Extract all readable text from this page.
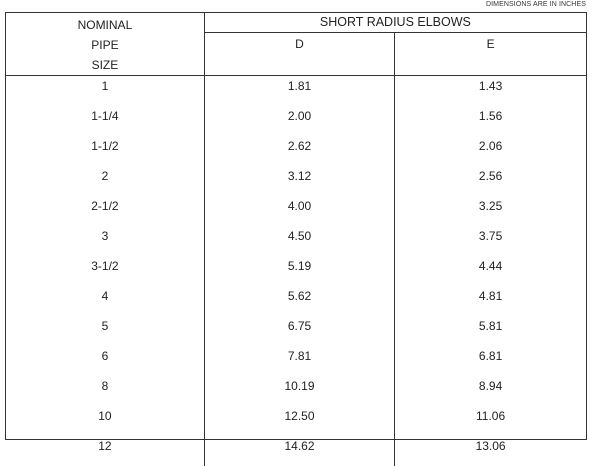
DIMENSIONS ARE IN INCHES
NOMINAL
PIPE
SIZE	SHORT RADIUS ELBOWS	
	D	E
1	1.81	1.43
1-1/4	2.00	1.56
1-1/2	2.62	2.06
2	3.12	2.56
2-1/2	4.00	3.25
3	4.50	3.75
3-1/2	5.19	4.44
4	5.62	4.81
5	6.75	5.81
6	7.81	6.81
8	10.19	8.94
10	12.50	11.06
12	14.62	13.06
